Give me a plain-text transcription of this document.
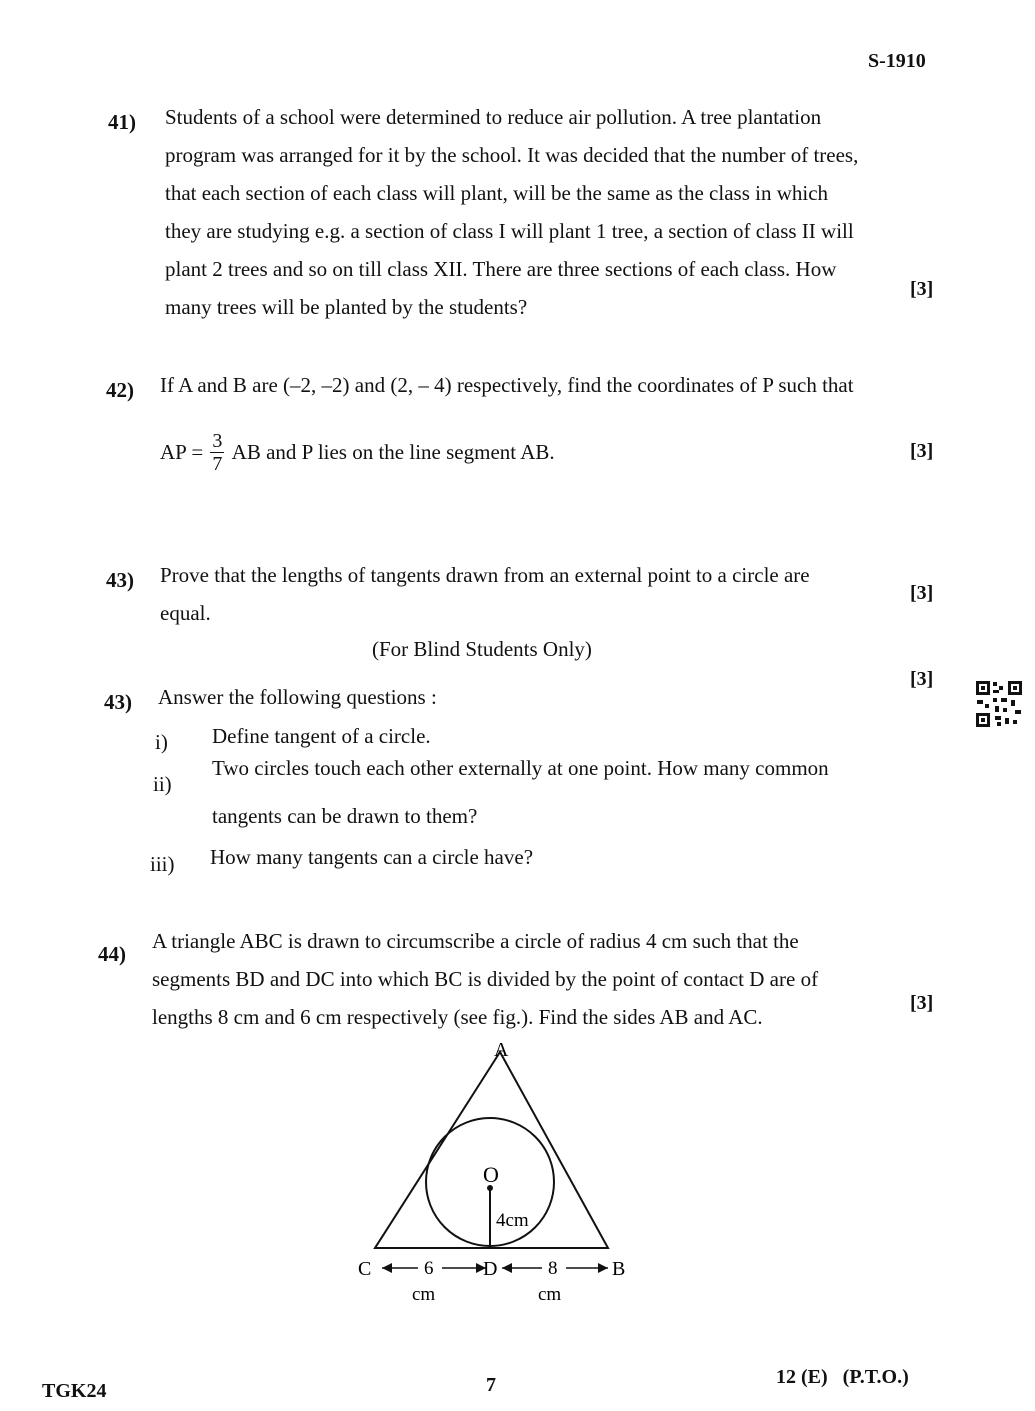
S-1910
41) Students of a school were determined to reduce air pollution. A tree plantation
program was arranged for it by the school. It was decided that the number of trees,
that each section of each class will plant, will be the same as the class in which
they are studying e.g. a section of class I will plant 1 tree, a section of class II will
plant 2 trees and so on till class XII. There are three sections of each class. How
many trees will be planted by the students?
[3]
42) If A and B are (–2, –2) and (2, – 4) respectively, find the coordinates of P such that
AP = $\frac{3}{7}$ AB and P lies on the line segment AB.	[3]
43) Prove that the lengths of tangents drawn from an external point to a circle are
equal.
[3]
(For Blind Students Only)
43) Answer the following questions :
[3]
i) Define tangent of a circle.
ii)
Two circles touch each other externally at one point. How many common
tangents can be drawn to them?
iii) How many tangents can a circle have?
44)
A triangle ABC is drawn to circumscribe a circle of radius 4 cm such that the
segments BD and DC into which BC is divided by the point of contact D are of
lengths 8 cm and 6 cm respectively (see fig.). Find the sides AB and AC.
[3]
A
B
C	D
O
4cm
6	8
cm	cm
TGK24	7	12 (E)   (P.T.O.)
